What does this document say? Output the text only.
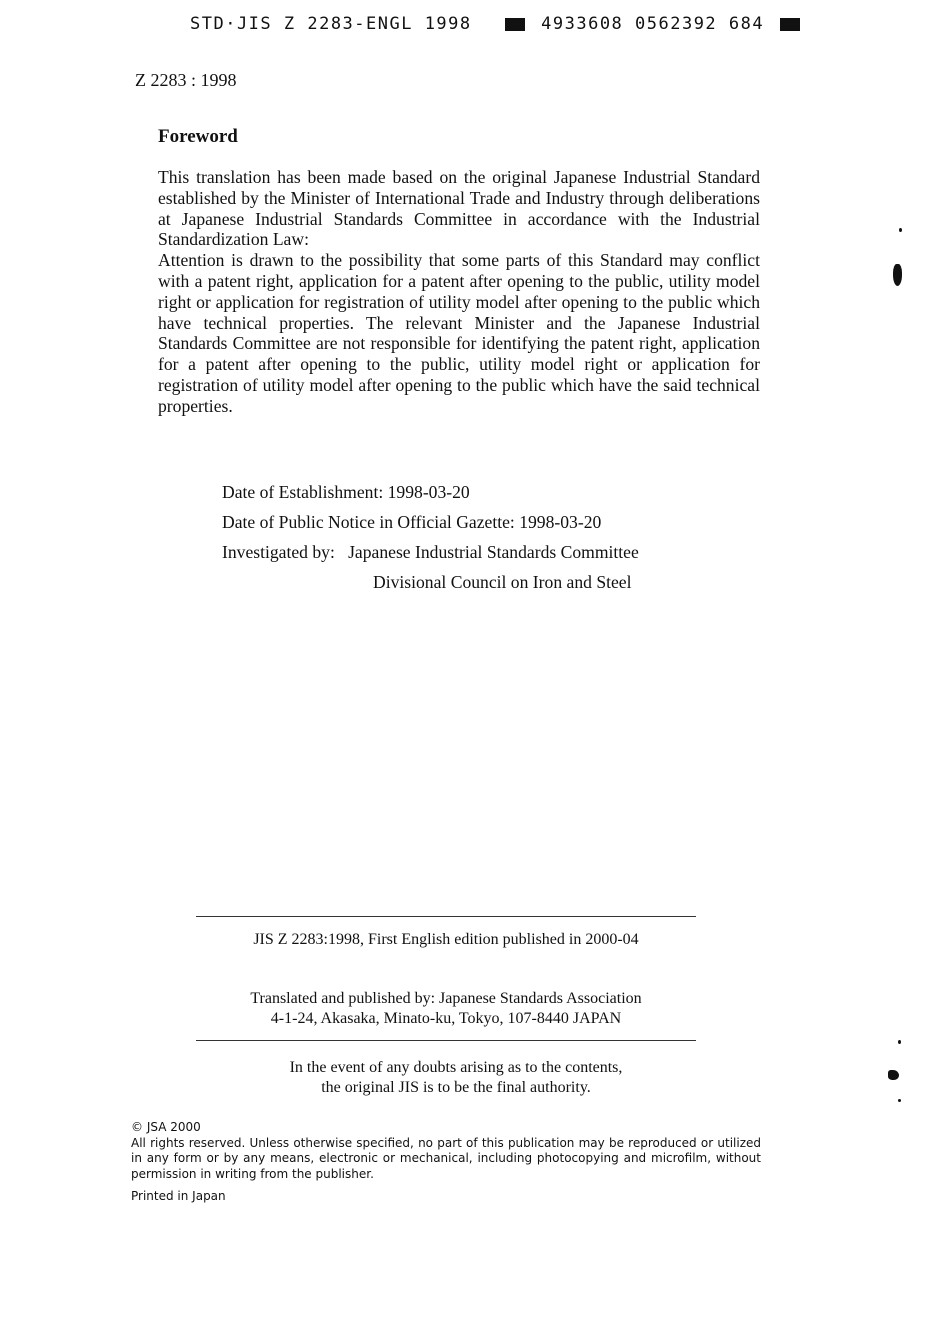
STD·JIS Z 2283-ENGL 1998	4933608 0562392 684
Z 2283 : 1998
Foreword

This translation has been made based on the original Japanese Industrial Standard established by the Minister of International Trade and Industry through deliberations at Japanese Industrial Standards Committee in accordance with the Industrial Standardization Law:

Attention is drawn to the possibility that some parts of this Standard may conflict with a patent right, application for a patent after opening to the public, utility model right or application for registration of utility model after opening to the public which have technical properties. The relevant Minister and the Japanese Industrial Standards Committee are not responsible for identifying the patent right, application for a patent after opening to the public, utility model right or application for registration of utility model after opening to the public which have the said technical properties.

Date of Establishment: 1998-03-20
Date of Public Notice in Official Gazette: 1998-03-20
Investigated by: Japanese Industrial Standards Committee
Divisional Council on Iron and Steel
JIS Z 2283:1998, First English edition published in 2000-04
Translated and published by: Japanese Standards Association
4-1-24, Akasaka, Minato-ku, Tokyo, 107-8440 JAPAN
In the event of any doubts arising as to the contents,
the original JIS is to be the final authority.
© JSA 2000
All rights reserved. Unless otherwise specified, no part of this publication may be reproduced or utilized in any form or by any means, electronic or mechanical, including photocopying and microfilm, without permission in writing from the publisher.
Printed in Japan
